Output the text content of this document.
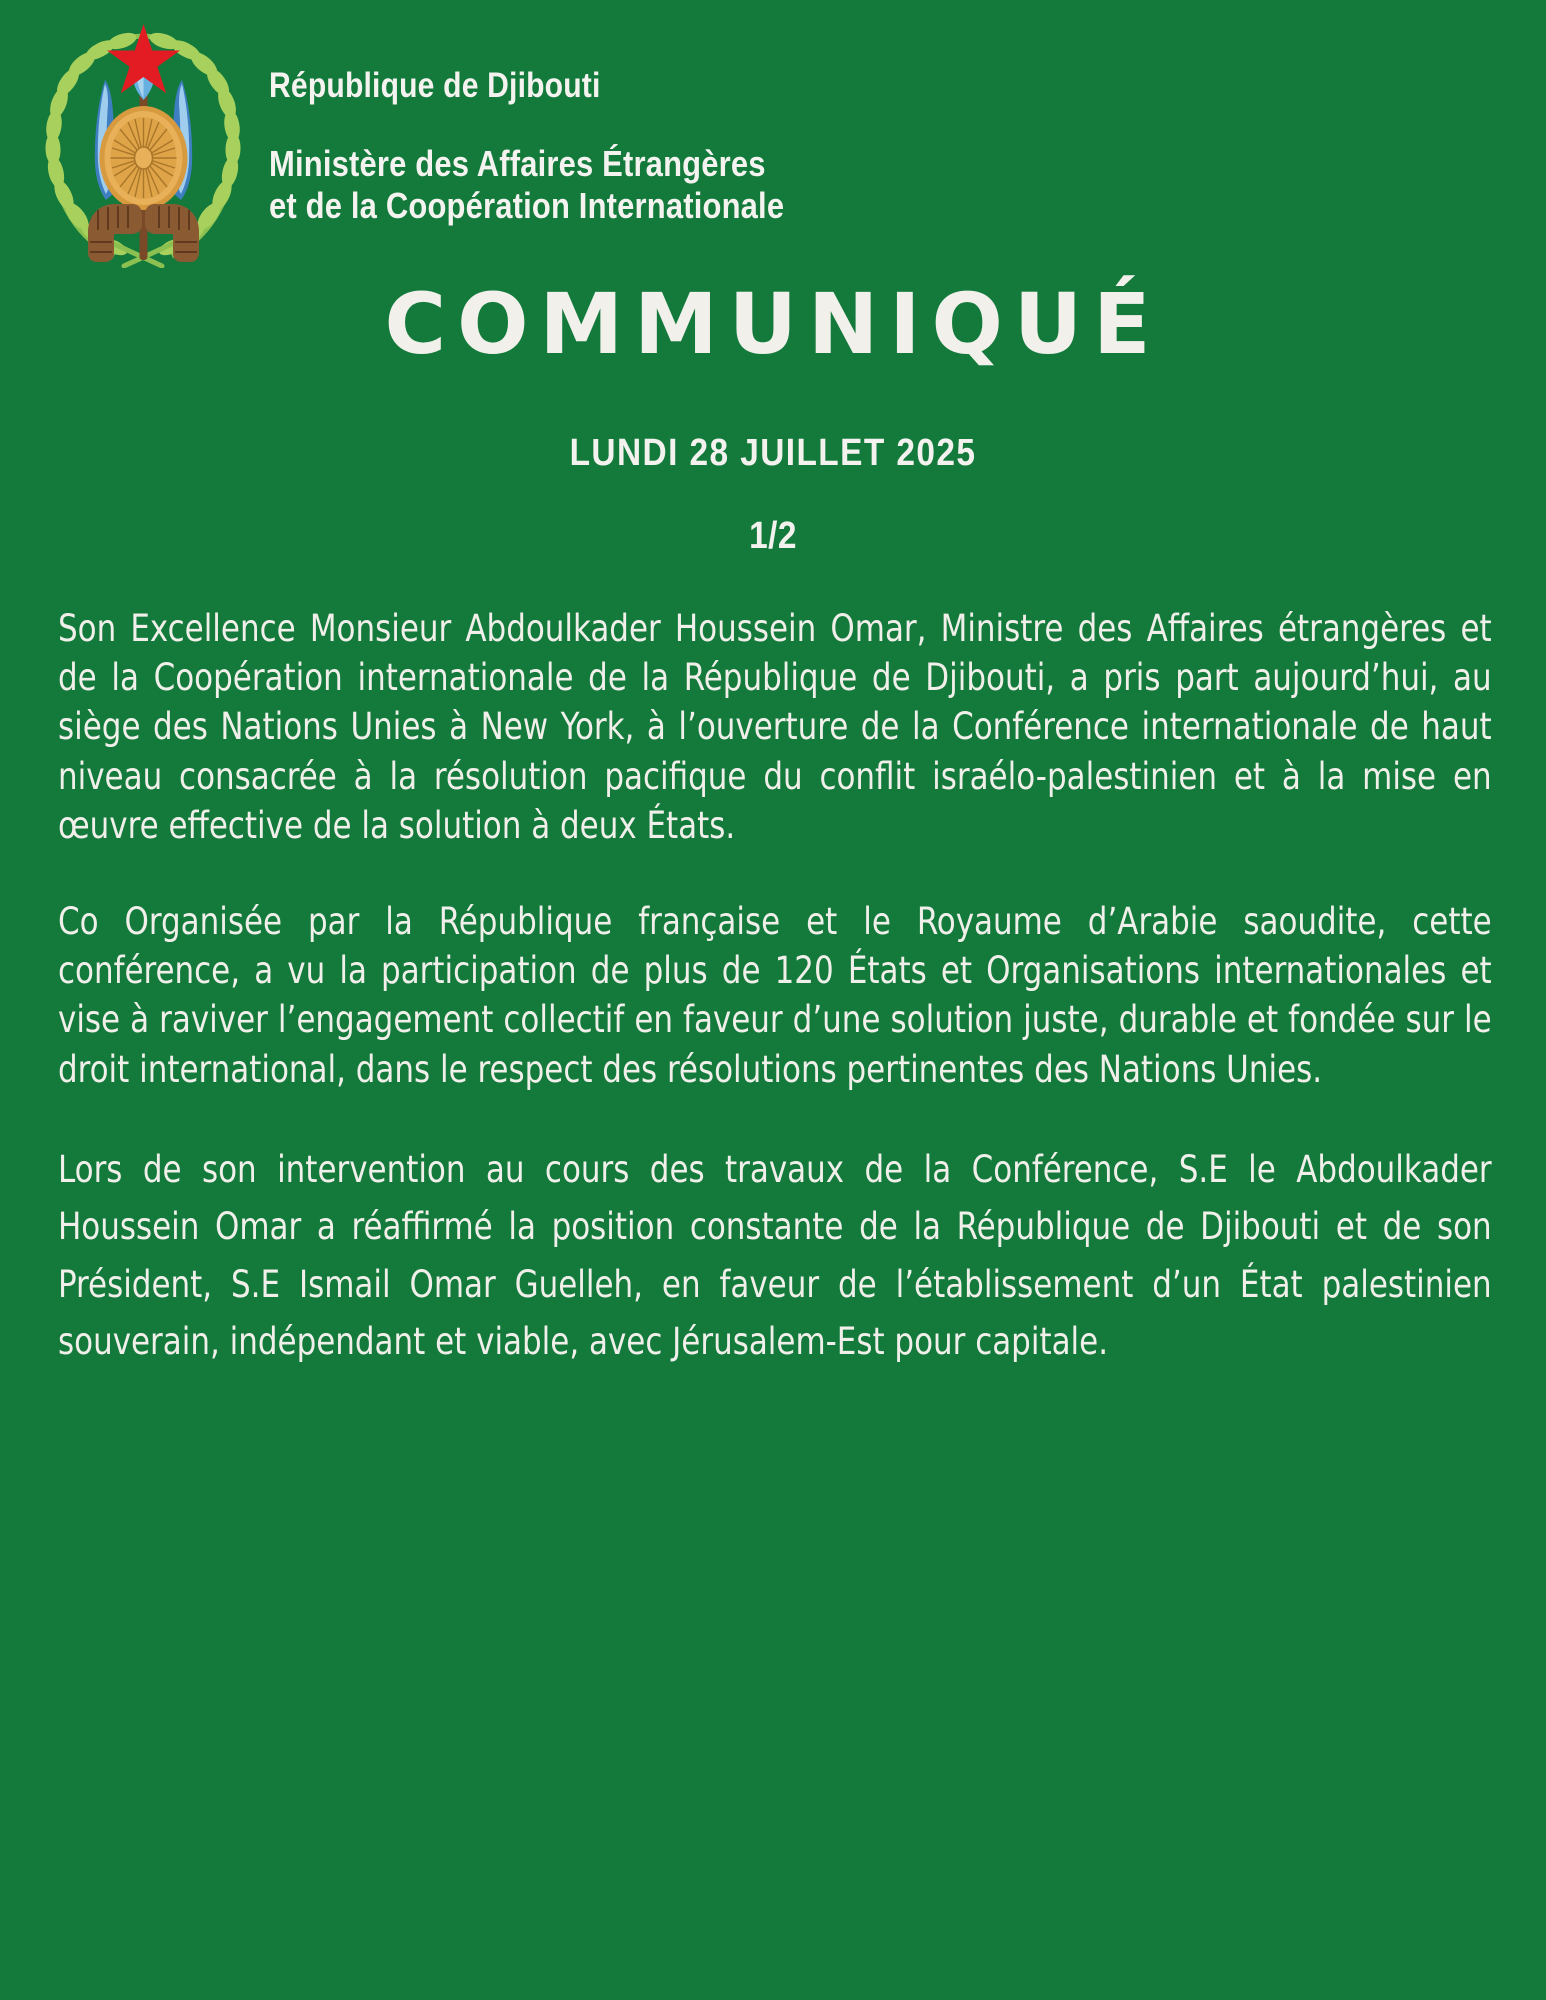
République de Djibouti
Ministère des Affaires Étrangères
et de la Coopération Internationale
COMMUNIQUÉ

LUNDI 28 JUILLET 2025

1/2

Son Excellence Monsieur Abdoulkader Houssein Omar, Ministre des Affaires étrangères et de la Coopération internationale de la République de Djibouti, a pris part aujourd’hui, au siège des Nations Unies à New York, à l’ouverture de la Conférence internationale de haut niveau consacrée à la résolution pacifique du conflit israélo-palestinien et à la mise en œuvre effective de la solution à deux États.

Co Organisée par la République française et le Royaume d’Arabie saoudite, cette conférence, a vu la participation de plus de 120 États et Organisations internationales et vise à raviver l’engagement collectif en faveur d’une solution juste, durable et fondée sur le droit international, dans le respect des résolutions pertinentes des Nations Unies.

Lors de son intervention au cours des travaux de la Conférence, S.E le Abdoulkader Houssein Omar a réaffirmé la position constante de la République de Djibouti et de son Président, S.E Ismail Omar Guelleh, en faveur de l’établissement d’un État palestinien souverain, indépendant et viable, avec Jérusalem-Est pour capitale.
